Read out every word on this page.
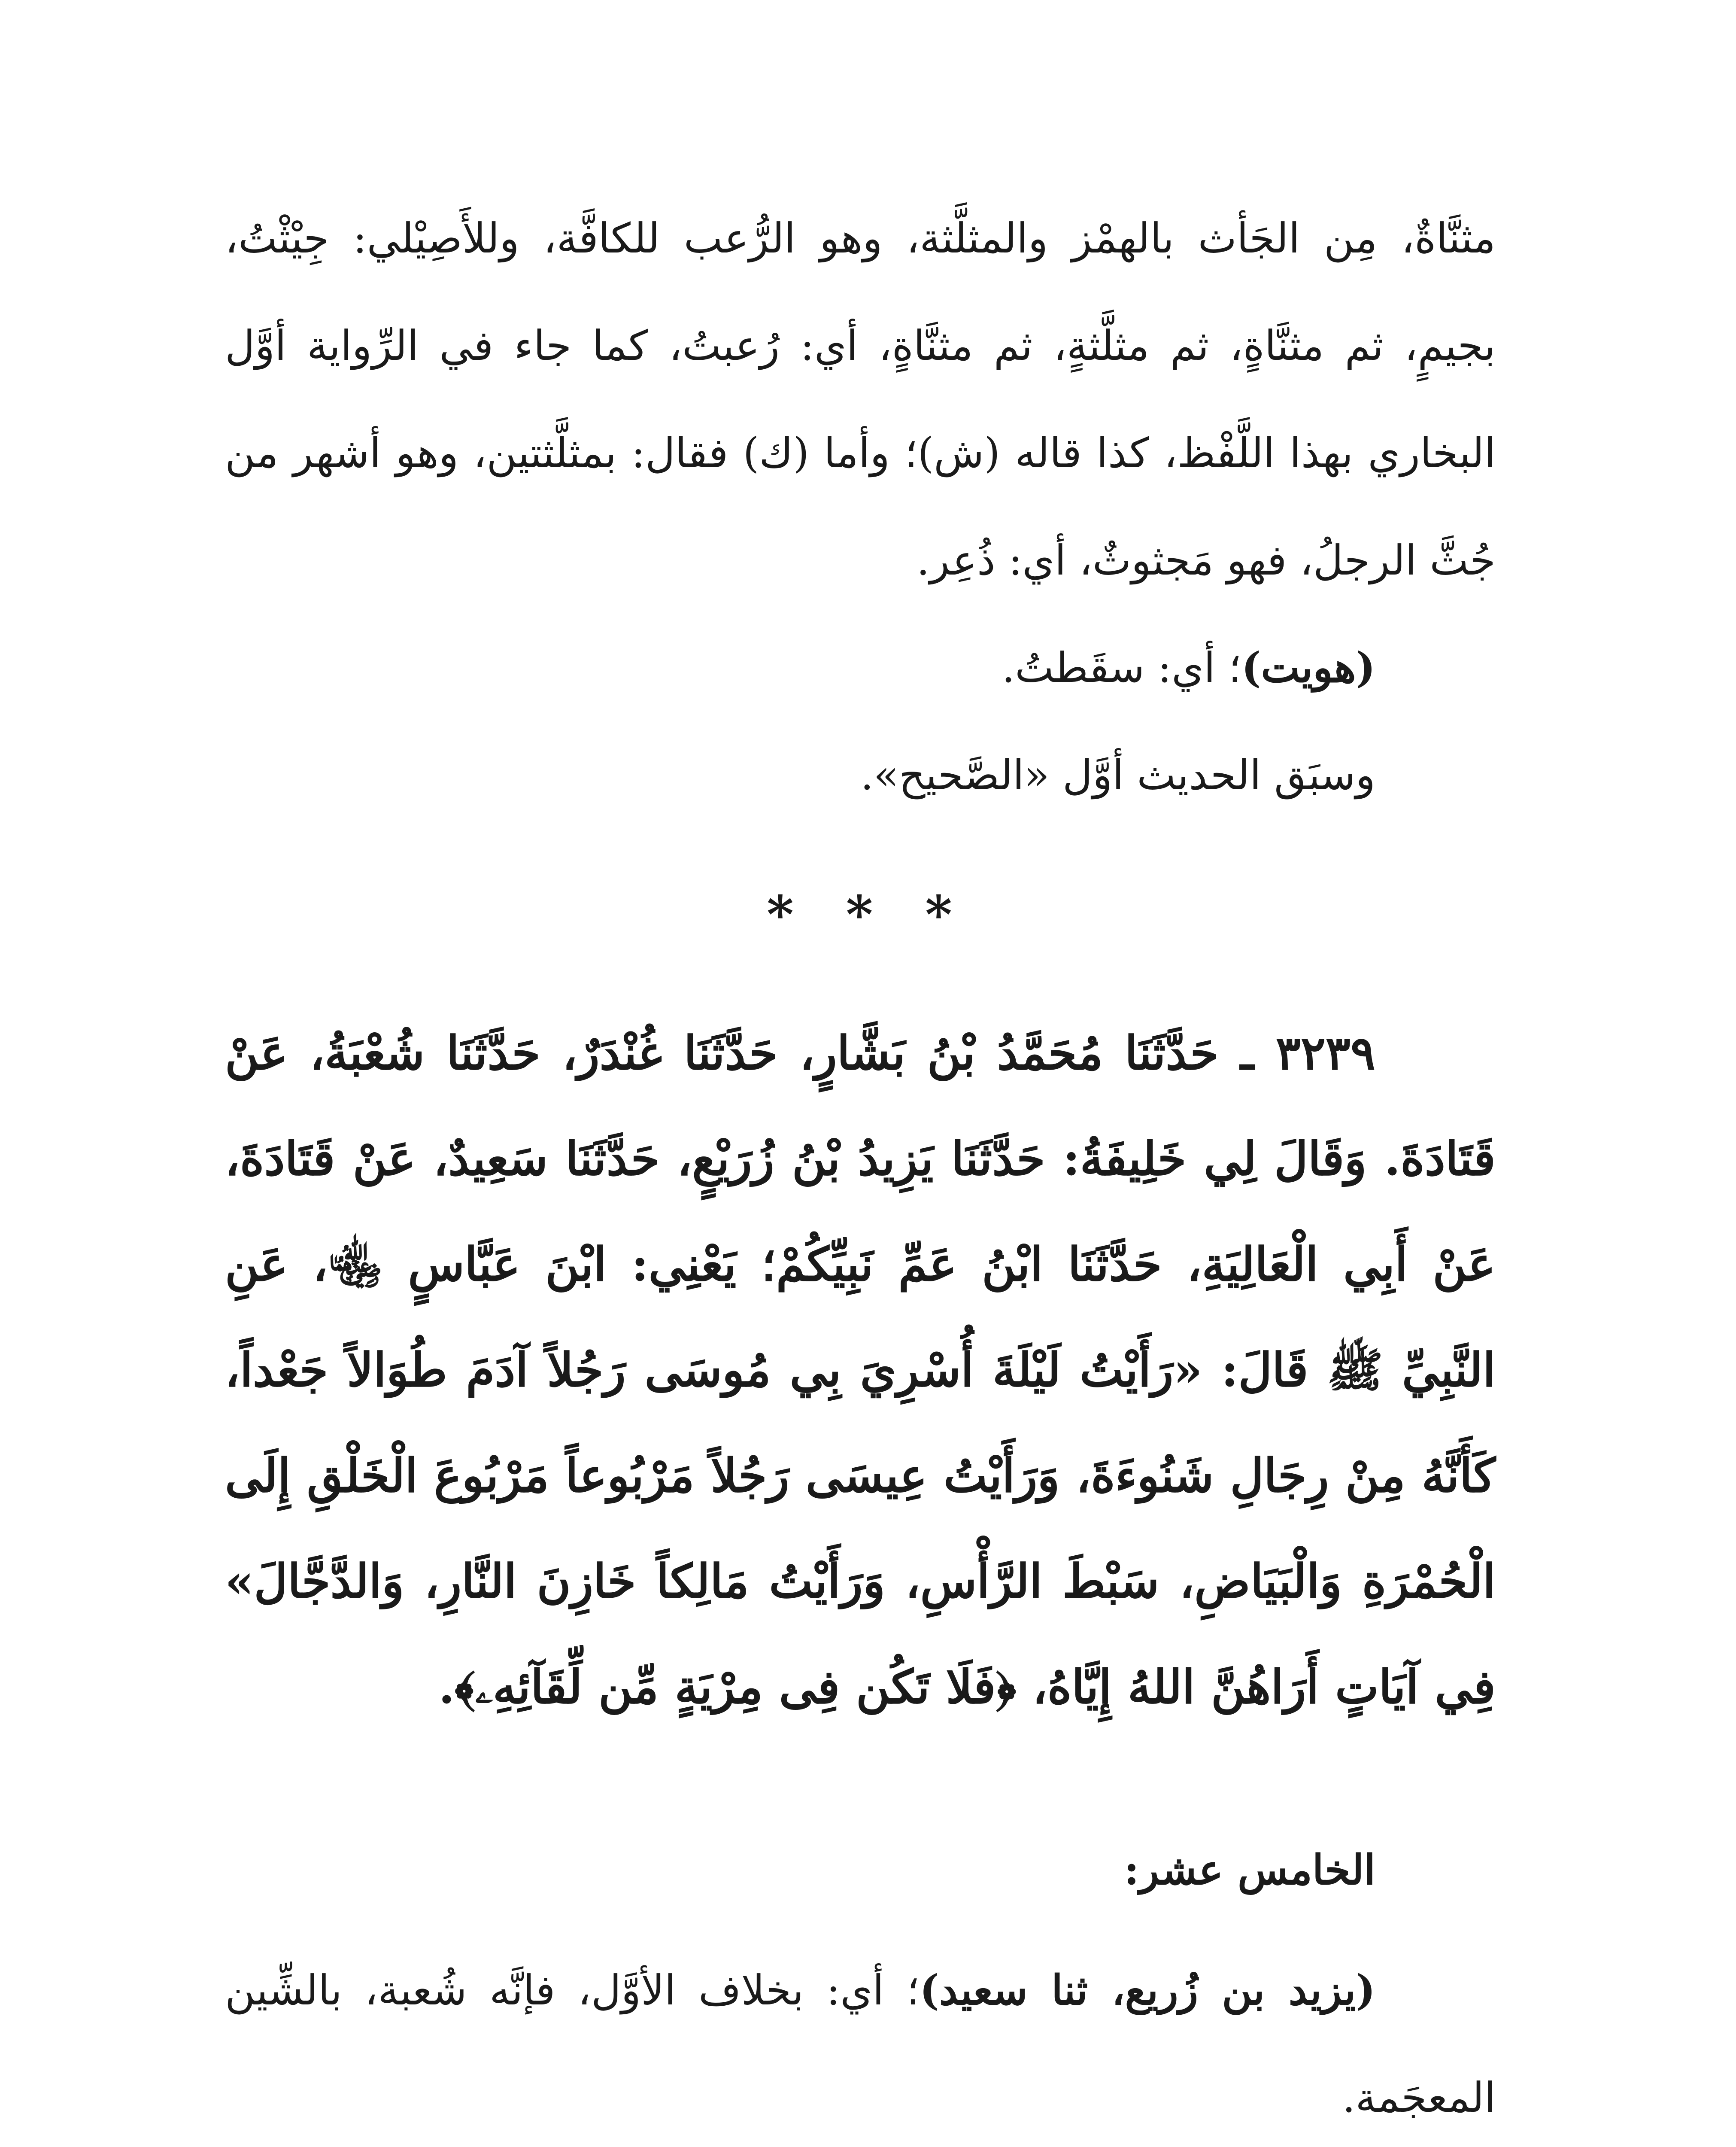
مثنَّاةٌ، مِن الجَأث بالهمْز والمثلَّثة، وهو الرُّعب للكافَّة، وللأَصِيْلي: جِيْثْتُ، بجيمٍ، ثم مثنَّاةٍ، ثم مثلَّثةٍ، ثم مثنَّاةٍ، أي: رُعبتُ، كما جاء في الرِّواية أوَّل البخاري بهذا اللَّفْظ، كذا قاله (ش)؛ وأما (ك) فقال: بمثلَّثتين، وهو أشهر من جُثَّ الرجلُ، فهو مَجثوثٌ، أي: ذُعِر.

(هويت)؛ أي: سقَطتُ.

وسبَق الحديث أوَّل «الصَّحيح».

* * *

٣٢٣٩ ـ حَدَّثَنَا مُحَمَّدُ بْنُ بَشَّارٍ، حَدَّثَنَا غُنْدَرٌ، حَدَّثَنَا شُعْبَةُ، عَنْ قَتَادَةَ. وَقَالَ لِي خَلِيفَةُ: حَدَّثَنَا يَزِيدُ بْنُ زُرَيْعٍ، حَدَّثَنَا سَعِيدٌ، عَنْ قَتَادَةَ، عَنْ أَبِي الْعَالِيَةِ، حَدَّثَنَا ابْنُ عَمِّ نَبِيِّكُمْ؛ يَعْنِي: ابْنَ عَبَّاسٍ ﵄، عَنِ النَّبِيِّ ﷺ قَالَ: «رَأَيْتُ لَيْلَةَ أُسْرِيَ بِي مُوسَى رَجُلاً آدَمَ طُوَالاً جَعْداً، كَأَنَّهُ مِنْ رِجَالِ شَنُوءَةَ، وَرَأَيْتُ عِيسَى رَجُلاً مَرْبُوعاً مَرْبُوعَ الْخَلْقِ إِلَى الْحُمْرَةِ وَالْبَيَاضِ، سَبْطَ الرَّأْسِ، وَرَأَيْتُ مَالِكاً خَازِنَ النَّارِ، وَالدَّجَّالَ» فِي آيَاتٍ أَرَاهُنَّ اللهُ إِيَّاهُ، ﴿فَلَا تَكُن فِى مِرْيَةٍ مِّن لِّقَآئِهِۦ﴾.

الخامس عشر:

(يزيد بن زُريع، ثنا سعيد)؛ أي: بخلاف الأوَّل، فإنَّه شُعبة، بالشِّين المعجَمة.
